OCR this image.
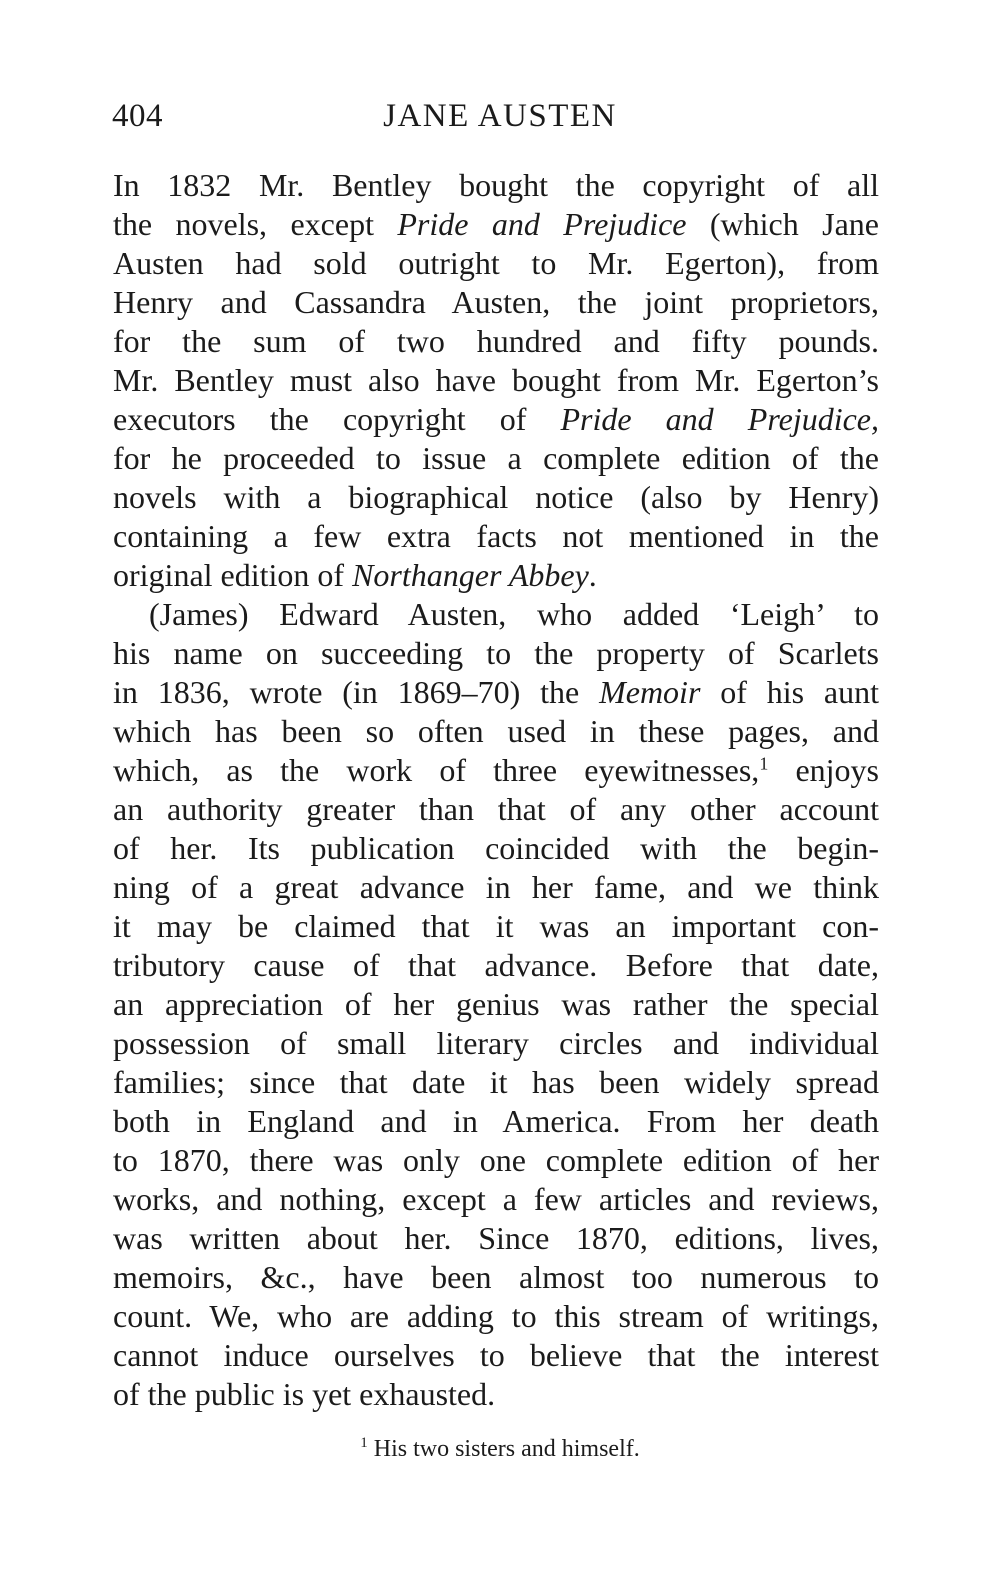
404	JANE AUSTEN
In 1832 Mr. Bentley bought the copyright of all
the novels, except Pride and Prejudice (which Jane
Austen had sold outright to Mr. Egerton), from
Henry and Cassandra Austen, the joint proprietors,
for the sum of two hundred and fifty pounds.
Mr. Bentley must also have bought from Mr. Egerton’s
executors the copyright of Pride and Prejudice,
for he proceeded to issue a complete edition of the
novels with a biographical notice (also by Henry)
containing a few extra facts not mentioned in the
original edition of Northanger Abbey.
(James) Edward Austen, who added ‘Leigh’ to
his name on succeeding to the property of Scarlets
in 1836, wrote (in 1869–70) the Memoir of his aunt
which has been so often used in these pages, and
which, as the work of three eyewitnesses,$^1$ enjoys
an authority greater than that of any other account
of her. Its publication coincided with the begin-
ning of a great advance in her fame, and we think
it may be claimed that it was an important con-
tributory cause of that advance. Before that date,
an appreciation of her genius was rather the special
possession of small literary circles and individual
families; since that date it has been widely spread
both in England and in America. From her death
to 1870, there was only one complete edition of her
works, and nothing, except a few articles and reviews,
was written about her. Since 1870, editions, lives,
memoirs, &c., have been almost too numerous to
count. We, who are adding to this stream of writings,
cannot induce ourselves to believe that the interest
of the public is yet exhausted.
$^1$ His two sisters and himself.
